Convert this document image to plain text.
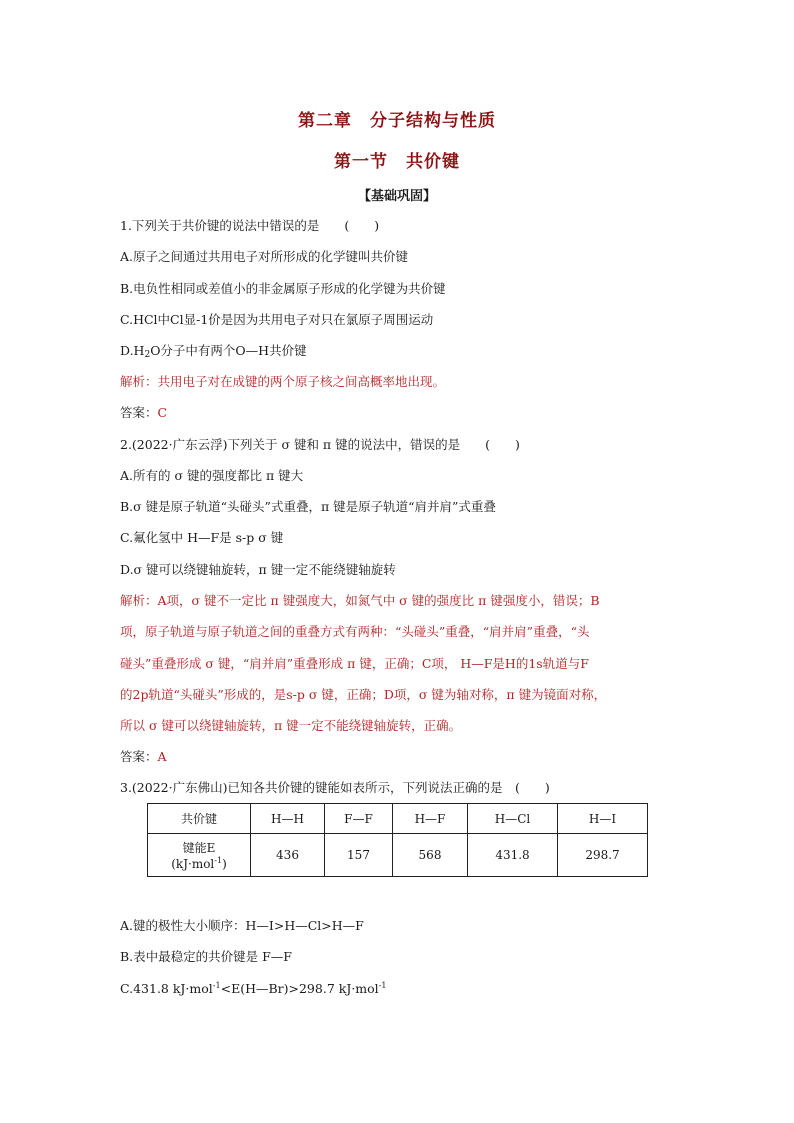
第二章　分子结构与性质
第一节　共价键
【基础巩固】
1.下列关于共价键的说法中错误的是　　(　　)
A.原子之间通过共用电子对所形成的化学键叫共价键
B.电负性相同或差值小的非金属原子形成的化学键为共价键
C.HCl中Cl显-1价是因为共用电子对只在氯原子周围运动
$D.H_2O$分子中有两个O—H共价键
解析：共用电子对在成键的两个原子核之间高概率地出现。
答案：C
2.(2022·广东云浮)下列关于 σ 键和 π 键的说法中，错误的是　　(　　)
A.所有的 σ 键的强度都比 π 键大
B.σ 键是原子轨道“头碰头”式重叠，π 键是原子轨道“肩并肩”式重叠
C.氟化氢中 H—F是 s-p σ 键
D.σ 键可以绕键轴旋转，π 键一定不能绕键轴旋转
解析：A项，σ 键不一定比 π 键强度大，如氮气中 σ 键的强度比 π 键强度小，错误；B
项，原子轨道与原子轨道之间的重叠方式有两种：“头碰头”重叠，“肩并肩”重叠，“头
碰头”重叠形成 σ 键，“肩并肩”重叠形成 π 键，正确；C项， H—F是H的1s轨道与F
的2p轨道“头碰头”形成的，是s-p σ 键，正确；D项，σ 键为轴对称，π 键为镜面对称，
所以 σ 键可以绕键轴旋转，π 键一定不能绕键轴旋转，正确。
答案：A
3.(2022·广东佛山)已知各共价键的键能如表所示，下列说法正确的是　(　　)
共价键	H—H	F—F	H—F	H—Cl	H—I

键能E
(kJ·mol$^{-1}$)	436	157	568	431.8	298.7
A.键的极性大小顺序：H—I>H—Cl>H—F
B.表中最稳定的共价键是 F—F
C.431.8 kJ·mol$^{-1}$<E(H—Br)>298.7 kJ·mol$^{-1}$
